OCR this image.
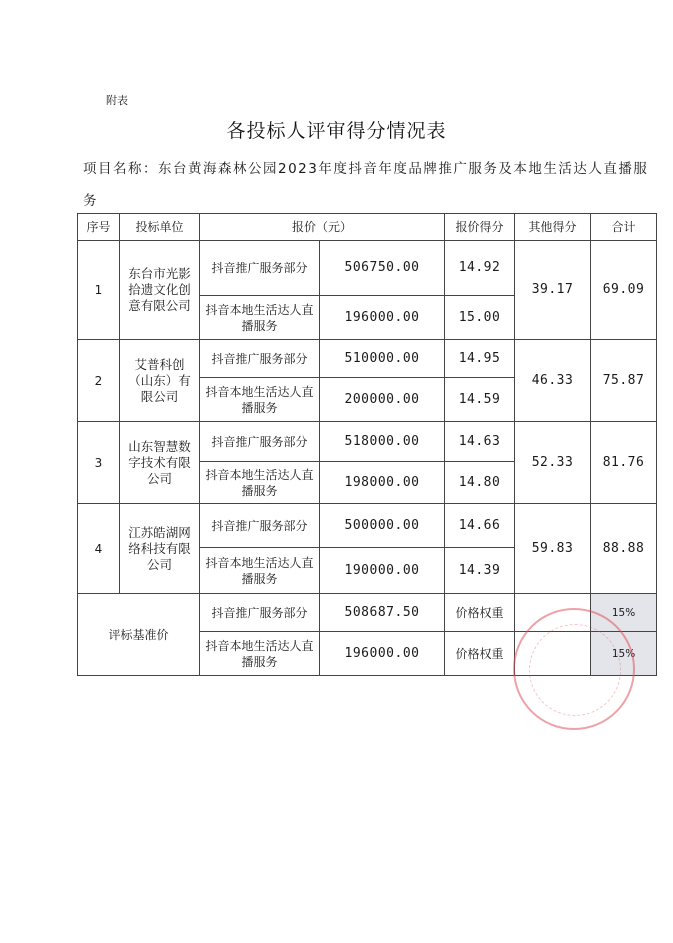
附表
各投标人评审得分情况表
项目名称：东台黄海森林公园2023年度抖音年度品牌推广服务及本地生活达人直播服务
序号	投标单位	报价（元）		报价得分	其他得分	合计
1	东台市光影拾遗文化创意有限公司	抖音推广服务部分	506750.00	14.92	39.17	69.09
		抖音本地生活达人直播服务	196000.00	15.00		
2	艾普科创（山东）有限公司	抖音推广服务部分	510000.00	14.95	46.33	75.87
		抖音本地生活达人直播服务	200000.00	14.59		
3	山东智慧数字技术有限公司	抖音推广服务部分	518000.00	14.63	52.33	81.76
		抖音本地生活达人直播服务	198000.00	14.80		
4	江苏皓湖网络科技有限公司	抖音推广服务部分	500000.00	14.66	59.83	88.88
		抖音本地生活达人直播服务	190000.00	14.39		
评标基准价		抖音推广服务部分	508687.50	价格权重		15%
		抖音本地生活达人直播服务	196000.00	价格权重		15%
